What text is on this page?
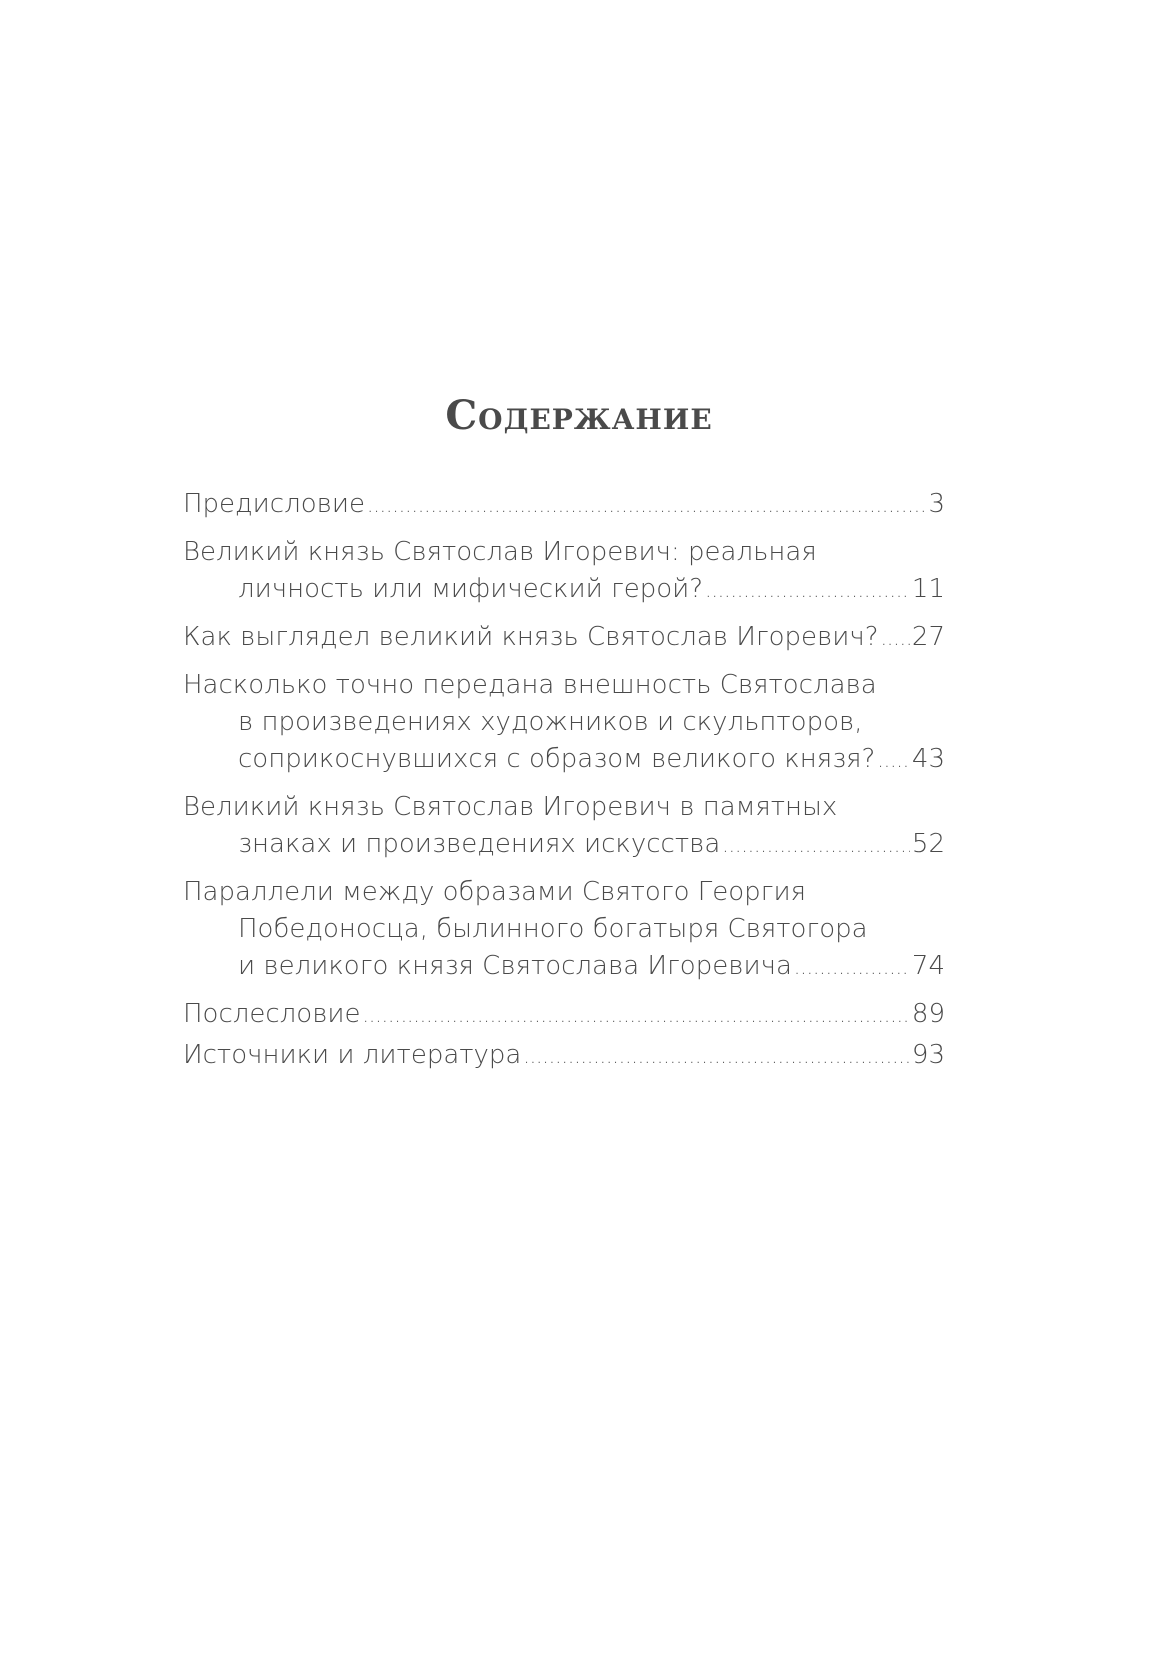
Содержание
Предисловие .....	3
Великий князь Святослав Игоревич: реальная
личность или мифический герой? .....	11
Как выглядел великий князь Святослав Игоревич? ..... 27
Насколько точно передана внешность Святослава
в произведениях художников и скульпторов,
соприкоснувшихся с образом великого князя? ..... 43
Великий князь Святослав Игоревич в памятных
знаках и произведениях искусства .....	52
Параллели между образами Святого Георгия
Победоносца, былинного богатыря Святогора
и великого князя Святослава Игоревича .....	74
Послесловие .....	89
Источники и литература .....	93
